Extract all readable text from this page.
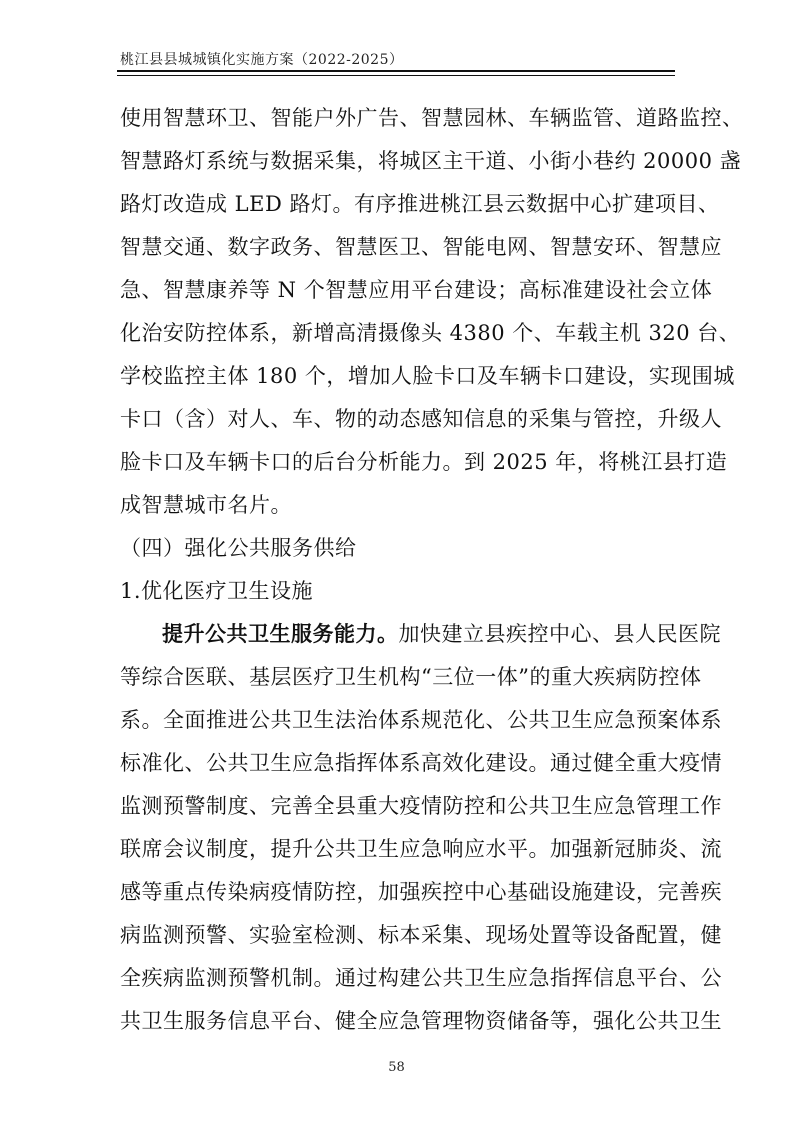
桃江县县城城镇化实施方案（2022-2025）
使用智慧环卫、智能户外广告、智慧园林、车辆监管、道路监控、
智慧路灯系统与数据采集，将城区主干道、小街小巷约 20000 盏
路灯改造成 LED 路灯。有序推进桃江县云数据中心扩建项目、
智慧交通、数字政务、智慧医卫、智能电网、智慧安环、智慧应
急、智慧康养等 N 个智慧应用平台建设；高标准建设社会立体
化治安防控体系，新增高清摄像头 4380 个、车载主机 320 台、
学校监控主体 180 个，增加人脸卡口及车辆卡口建设，实现围城
卡口（含）对人、车、物的动态感知信息的采集与管控，升级人
脸卡口及车辆卡口的后台分析能力。到 2025 年，将桃江县打造
成智慧城市名片。
（四）强化公共服务供给
1.优化医疗卫生设施
提升公共卫生服务能力。加快建立县疾控中心、县人民医院
等综合医联、基层医疗卫生机构“三位一体”的重大疾病防控体
系。全面推进公共卫生法治体系规范化、公共卫生应急预案体系
标准化、公共卫生应急指挥体系高效化建设。通过健全重大疫情
监测预警制度、完善全县重大疫情防控和公共卫生应急管理工作
联席会议制度，提升公共卫生应急响应水平。加强新冠肺炎、流
感等重点传染病疫情防控，加强疾控中心基础设施建设，完善疾
病监测预警、实验室检测、标本采集、现场处置等设备配置，健
全疾病监测预警机制。通过构建公共卫生应急指挥信息平台、公
共卫生服务信息平台、健全应急管理物资储备等，强化公共卫生
58
